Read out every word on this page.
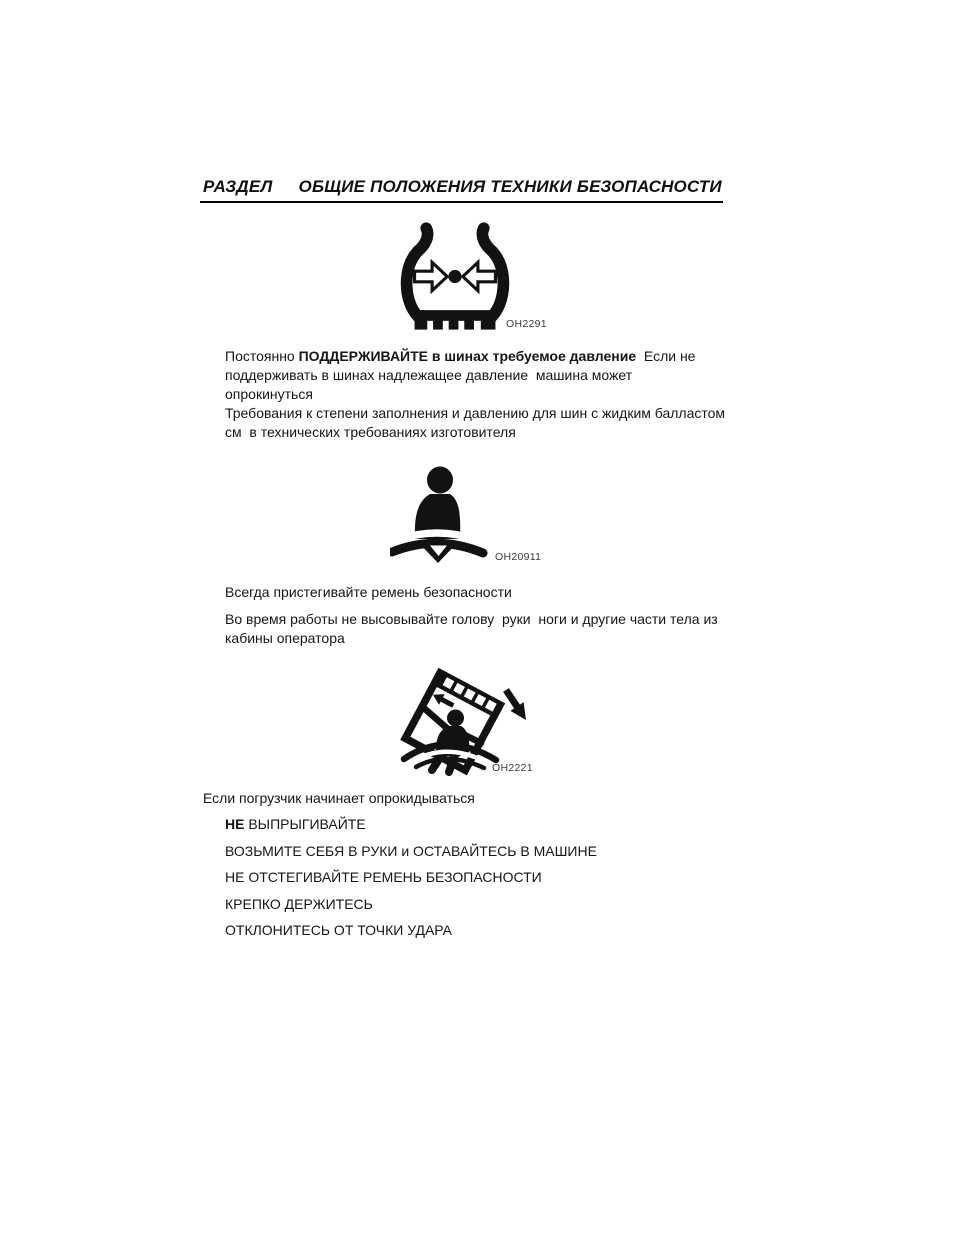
РАЗДЕЛ ОБЩИЕ ПОЛОЖЕНИЯ ТЕХНИКИ БЕЗОПАСНОСТИ
OH2291
Постоянно ПОДДЕРЖИВАЙТЕ в шинах требуемое давление  Если не
поддерживать в шинах надлежащее давление  машина может
опрокинуться
Требования к степени заполнения и давлению для шин с жидким балластом
см  в технических требованиях изготовителя
OH20911
Всегда пристегивайте ремень безопасности
Во время работы не высовывайте голову  руки  ноги и другие части тела из
кабины оператора
OH2221
Если погрузчик начинает опрокидываться
НЕ ВЫПРЫГИВАЙТЕ
ВОЗЬМИТЕ СЕБЯ В РУКИ и ОСТАВАЙТЕСЬ В МАШИНЕ
НЕ ОТСТЕГИВАЙТЕ РЕМЕНЬ БЕЗОПАСНОСТИ
КРЕПКО ДЕРЖИТЕСЬ
ОТКЛОНИТЕСЬ ОТ ТОЧКИ УДАРА
